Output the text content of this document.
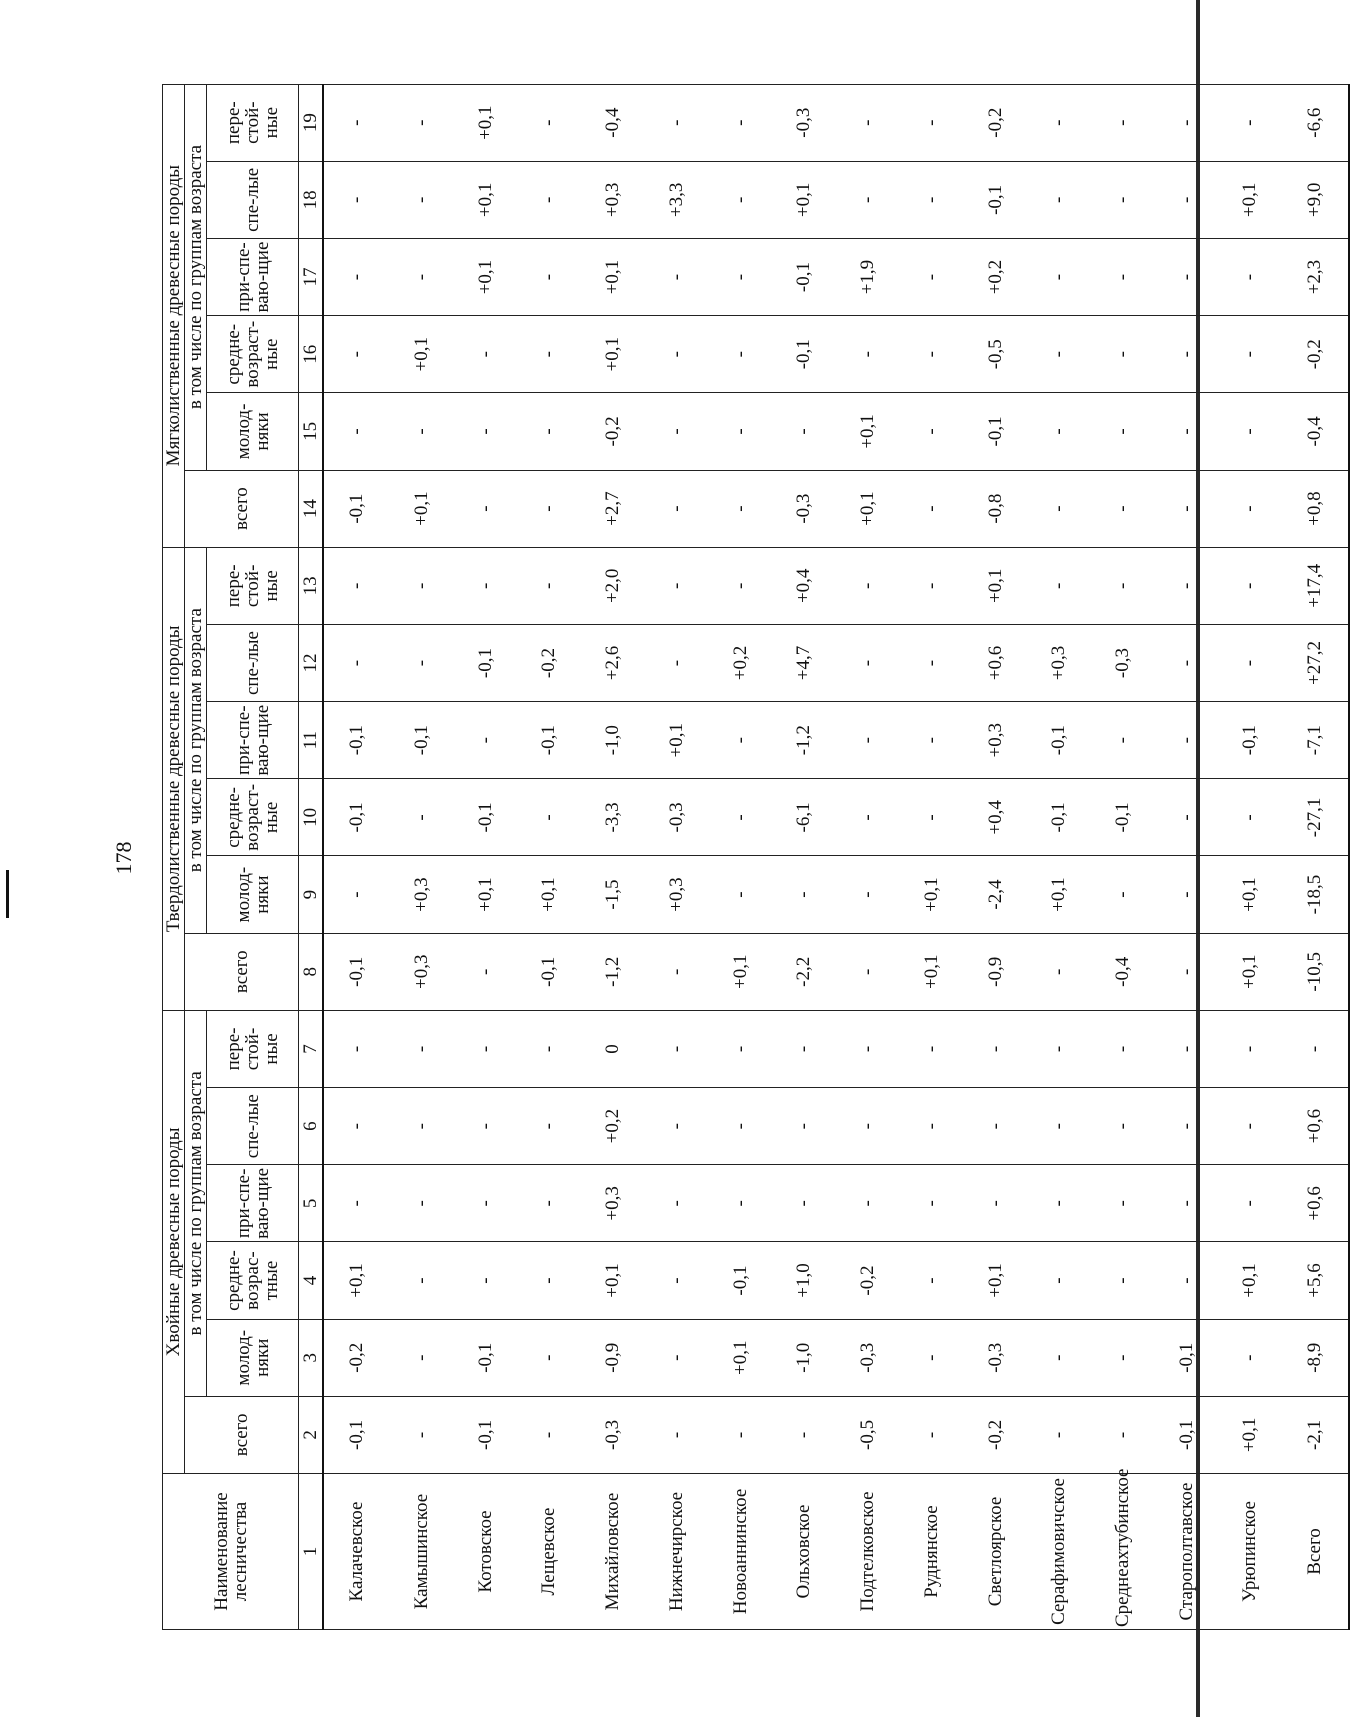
178
Наименование лесничества	Хвойные древесные породы						Твердолиственные древесные породы						Мягколиственные древесные породы					
	всего	в том числе по группам возраста					всего	в том числе по группам возраста					всего	в том числе по группам возраста				
		молод-няки	средне-возрас-тные	при-спе-ваю-щие	спе-лые	пере-стой-ные		молод-няки	средне-возраст-ные	при-спе-ваю-щие	спе-лые	пере-стой-ные		молод-няки	средне-возраст-ные	при-спе-ваю-щие	спе-лые	пере-стой-ные
1	2	3	4	5	6	7	8	9	10	11	12	13	14	15	16	17	18	19
Калачевское	-0,1	-0,2	+0,1	-	-	-	-0,1	-	-0,1	-0,1	-	-	-0,1	-	-	-	-	-
Камышинское	-	-	-	-	-	-	+0,3	+0,3	-	-0,1	-	-	+0,1	-	+0,1	-	-	-
Котовское	-0,1	-0,1	-	-	-	-	-	+0,1	-0,1	-	-0,1	-	-	-	-	+0,1	+0,1	+0,1
Лещевское	-	-	-	-	-	-	-0,1	+0,1	-	-0,1	-0,2	-	-	-	-	-	-	-
Михайловское	-0,3	-0,9	+0,1	+0,3	+0,2	0	-1,2	-1,5	-3,3	-1,0	+2,6	+2,0	+2,7	-0,2	+0,1	+0,1	+0,3	-0,4
Нижнечирское	-	-	-	-	-	-	-	+0,3	-0,3	+0,1	-	-	-	-	-	-	+3,3	-
Новоаннинское	-	+0,1	-0,1	-	-	-	+0,1	-	-	-	+0,2	-	-	-	-	-	-	-
Ольховское	-	-1,0	+1,0	-	-	-	-2,2	-	-6,1	-1,2	+4,7	+0,4	-0,3	-	-0,1	-0,1	+0,1	-0,3
Подтелковское	-0,5	-0,3	-0,2	-	-	-	-	-	-	-	-	-	+0,1	+0,1	-	+1,9	-	-
Руднянское	-	-	-	-	-	-	+0,1	+0,1	-	-	-	-	-	-	-	-	-	-
Светлоярское	-0,2	-0,3	+0,1	-	-	-	-0,9	-2,4	+0,4	+0,3	+0,6	+0,1	-0,8	-0,1	-0,5	+0,2	-0,1	-0,2
Серафимовичское	-	-	-	-	-	-	-	+0,1	-0,1	-0,1	+0,3	-	-	-	-	-	-	-
Среднеахтубинское	-	-	-	-	-	-	-0,4	-	-0,1	-	-0,3	-	-	-	-	-	-	-
Старополтавское	-0,1	-0,1	-	-	-	-	-	-	-	-	-	-	-	-	-	-	-	-
Урюпинское	+0,1	-	+0,1	-	-	-	+0,1	+0,1	-	-0,1	-	-	-	-	-	-	+0,1	-
Всего	-2,1	-8,9	+5,6	+0,6	+0,6	-	-10,5	-18,5	-27,1	-7,1	+27,2	+17,4	+0,8	-0,4	-0,2	+2,3	+9,0	-6,6
